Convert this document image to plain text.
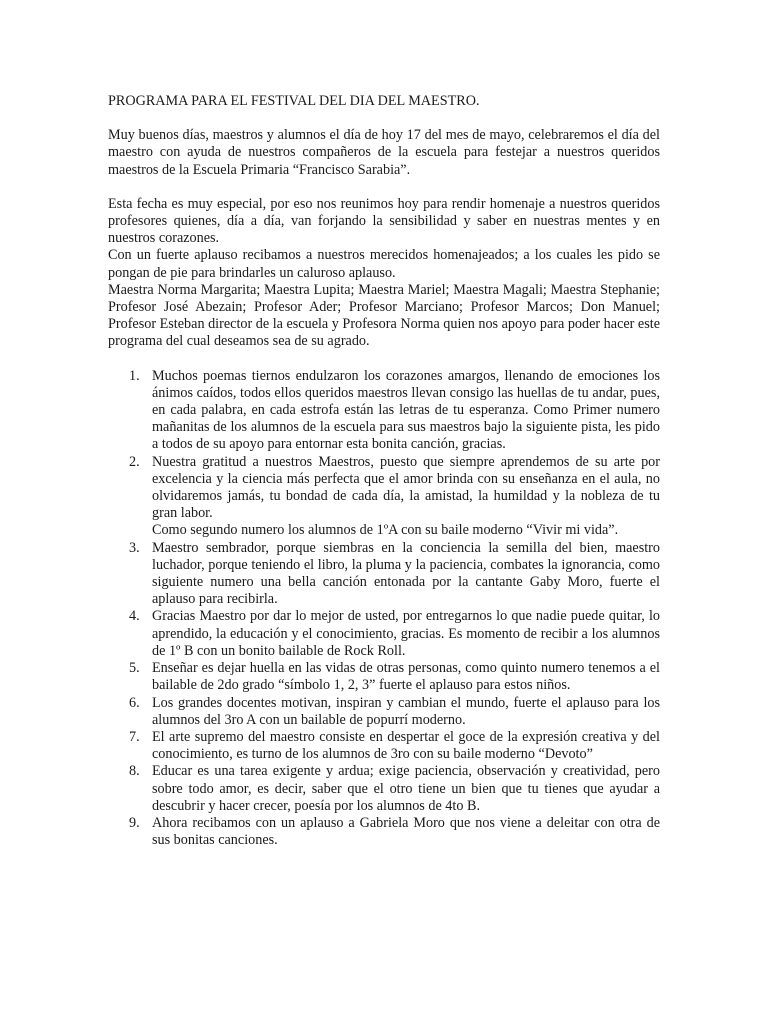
PROGRAMA PARA EL FESTIVAL DEL DIA DEL MAESTRO.

Muy buenos días, maestros y alumnos el día de hoy 17 del mes de mayo, celebraremos el día del maestro con ayuda de nuestros compañeros de la escuela para festejar a nuestros queridos maestros de la Escuela Primaria “Francisco Sarabia”.

Esta fecha es muy especial, por eso nos reunimos hoy para rendir homenaje a nuestros queridos profesores quienes, día a día, van forjando la sensibilidad y saber en nuestras mentes y en nuestros corazones.

Con un fuerte aplauso recibamos a nuestros merecidos homenajeados; a los cuales les pido se pongan de pie para brindarles un caluroso aplauso.

Maestra Norma Margarita; Maestra Lupita; Maestra Mariel; Maestra Magali; Maestra Stephanie; Profesor José Abezain; Profesor Ader; Profesor Marciano; Profesor Marcos; Don Manuel; Profesor Esteban director de la escuela y Profesora Norma quien nos apoyo para poder hacer este programa del cual deseamos sea de su agrado.

1. Muchos poemas tiernos endulzaron los corazones amargos, llenando de emociones los ánimos caídos, todos ellos queridos maestros llevan consigo las huellas de tu andar, pues, en cada palabra, en cada estrofa están las letras de tu esperanza. Como Primer numero mañanitas de los alumnos de la escuela para sus maestros bajo la siguiente pista, les pido a todos de su apoyo para entornar esta bonita canción, gracias.
2. Nuestra gratitud a nuestros Maestros, puesto que siempre aprendemos de su arte por excelencia y la ciencia más perfecta que el amor brinda con su enseñanza en el aula, no olvidaremos jamás, tu bondad de cada día, la amistad, la humildad y la nobleza de tu gran labor.
Como segundo numero los alumnos de 1ºA con su baile moderno “Vivir mi vida”.
3. Maestro sembrador, porque siembras en la conciencia la semilla del bien, maestro luchador, porque teniendo el libro, la pluma y la paciencia, combates la ignorancia, como siguiente numero una bella canción entonada por la cantante Gaby Moro, fuerte el aplauso para recibirla.
4. Gracias Maestro por dar lo mejor de usted, por entregarnos lo que nadie puede quitar, lo aprendido, la educación y el conocimiento, gracias. Es momento de recibir a los alumnos de 1º B con un bonito bailable de Rock Roll.
5. Enseñar es dejar huella en las vidas de otras personas, como quinto numero tenemos a el bailable de 2do grado “símbolo 1, 2, 3” fuerte el aplauso para estos niños.
6. Los grandes docentes motivan, inspiran y cambian el mundo, fuerte el aplauso para los alumnos del 3ro A con un bailable de popurrí moderno.
7. El arte supremo del maestro consiste en despertar el goce de la expresión creativa y del conocimiento, es turno de los alumnos de 3ro con su baile moderno “Devoto”
8. Educar es una tarea exigente y ardua; exige paciencia, observación y creatividad, pero sobre todo amor, es decir, saber que el otro tiene un bien que tu tienes que ayudar a descubrir y hacer crecer, poesía por los alumnos de 4to B.
9. Ahora recibamos con un aplauso a Gabriela Moro que nos viene a deleitar con otra de sus bonitas canciones.
